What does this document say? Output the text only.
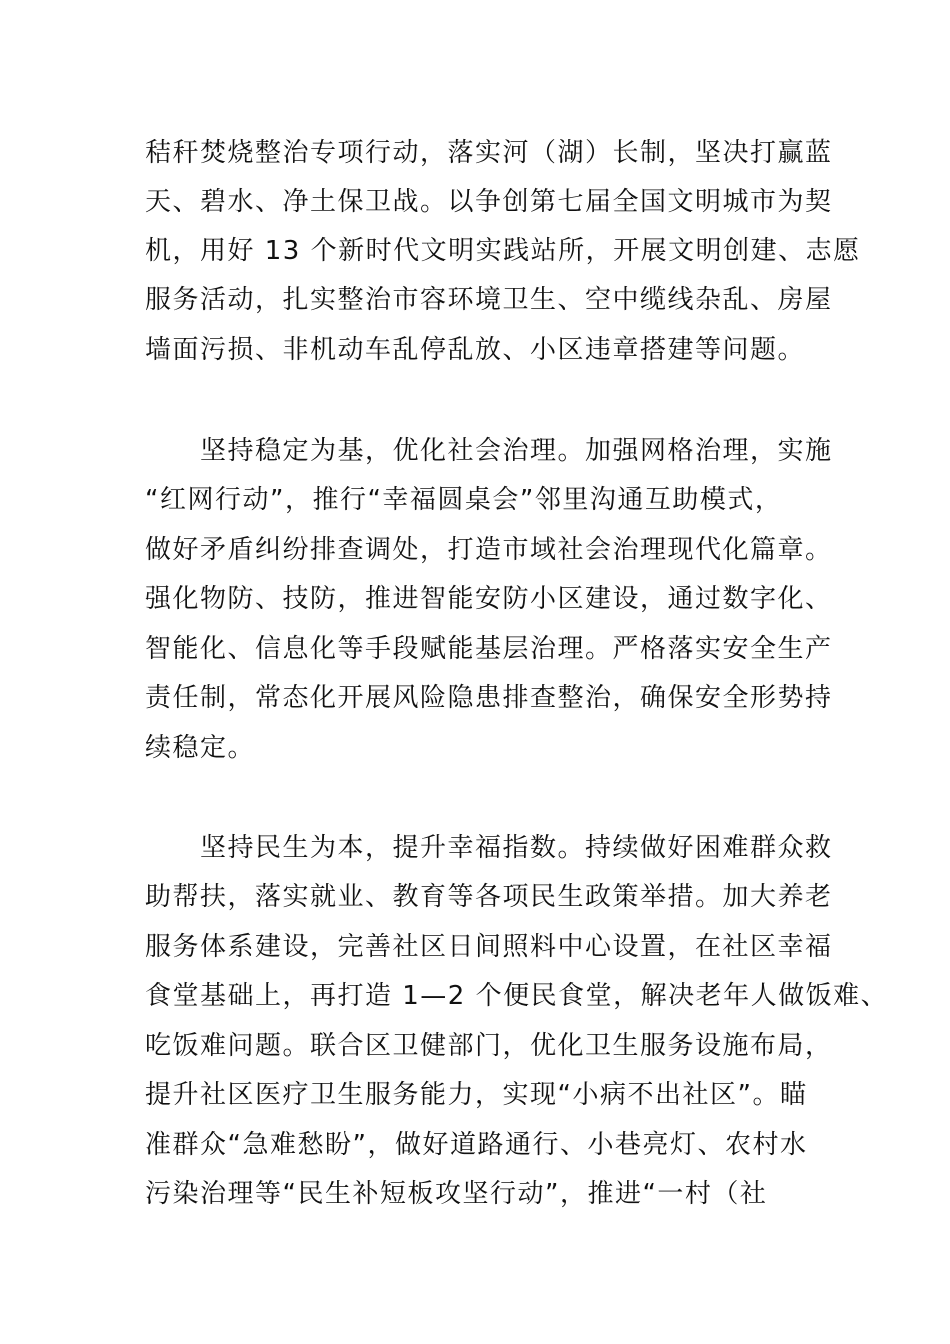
秸秆焚烧整治专项行动，落实河（湖）长制，坚决打赢蓝
天、碧水、净土保卫战。以争创第七届全国文明城市为契
机，用好 13 个新时代文明实践站所，开展文明创建、志愿
服务活动，扎实整治市容环境卫生、空中缆线杂乱、房屋
墙面污损、非机动车乱停乱放、小区违章搭建等问题。
　　坚持稳定为基，优化社会治理。加强网格治理，实施
“红网行动”，推行“幸福圆桌会”邻里沟通互助模式，
做好矛盾纠纷排查调处，打造市域社会治理现代化篇章。
强化物防、技防，推进智能安防小区建设，通过数字化、
智能化、信息化等手段赋能基层治理。严格落实安全生产
责任制，常态化开展风险隐患排查整治，确保安全形势持
续稳定。
　　坚持民生为本，提升幸福指数。持续做好困难群众救
助帮扶，落实就业、教育等各项民生政策举措。加大养老
服务体系建设，完善社区日间照料中心设置，在社区幸福
食堂基础上，再打造 1—2 个便民食堂，解决老年人做饭难、
吃饭难问题。联合区卫健部门，优化卫生服务设施布局，
提升社区医疗卫生服务能力，实现“小病不出社区”。瞄
准群众“急难愁盼”，做好道路通行、小巷亮灯、农村水
污染治理等“民生补短板攻坚行动”，推进“一村（社
